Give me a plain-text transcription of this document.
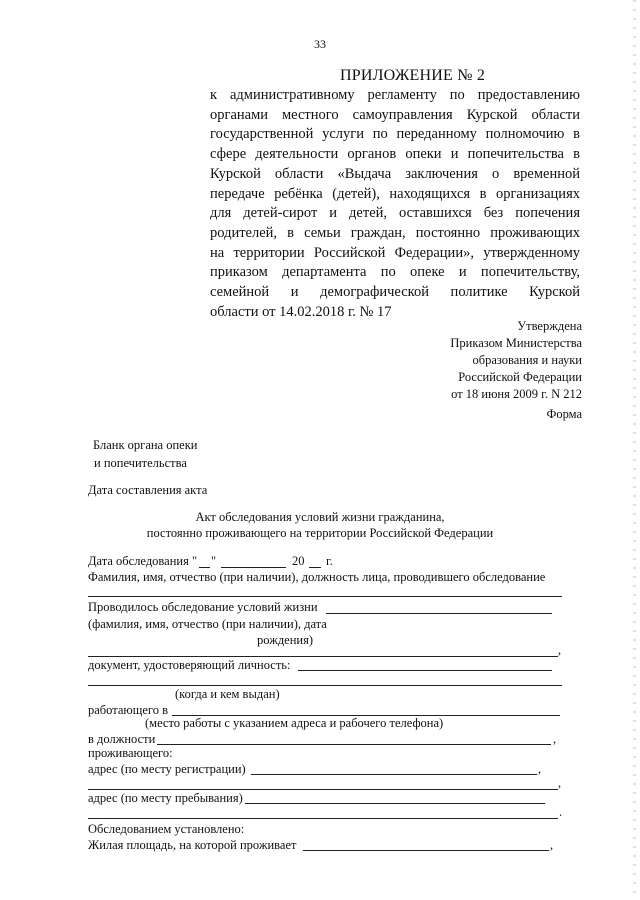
33
ПРИЛОЖЕНИЕ № 2
к административному регламенту по предоставлению
органами местного самоуправления Курской области
государственной услуги по переданному полномочию в
сфере деятельности органов опеки и попечительства в
Курской области «Выдача заключения о временной
передаче ребёнка (детей), находящихся в организациях
для детей-сирот и детей, оставшихся без попечения
родителей, в семьи граждан, постоянно проживающих
на территории Российской Федерации», утвержденному
приказом департамента по опеке и попечительству,
семейной и демографической политике Курской
области от 14.02.2018 г. № 17
Утверждена
Приказом Министерства
образования и науки
Российской Федерации
от 18 июня 2009 г. N 212
Форма
Бланк органа опеки
и попечительства
Дата составления акта
Акт обследования условий жизни гражданина,
постоянно проживающего на территории Российской Федерации
Дата обследования " "	20 г.
Фамилия, имя, отчество (при наличии), должность лица, проводившего обследование
Проводилось обследование условий жизни
(фамилия, имя, отчество (при наличии), дата
рождения)
,
документ, удостоверяющий личность:
(когда и кем выдан)
работающего в
(место работы с указанием адреса и рабочего телефона)
в должности	,
проживающего:
адрес (по месту регистрации)	,
,
адрес (по месту пребывания)
.
Обследованием установлено:
Жилая площадь, на которой проживает	,
